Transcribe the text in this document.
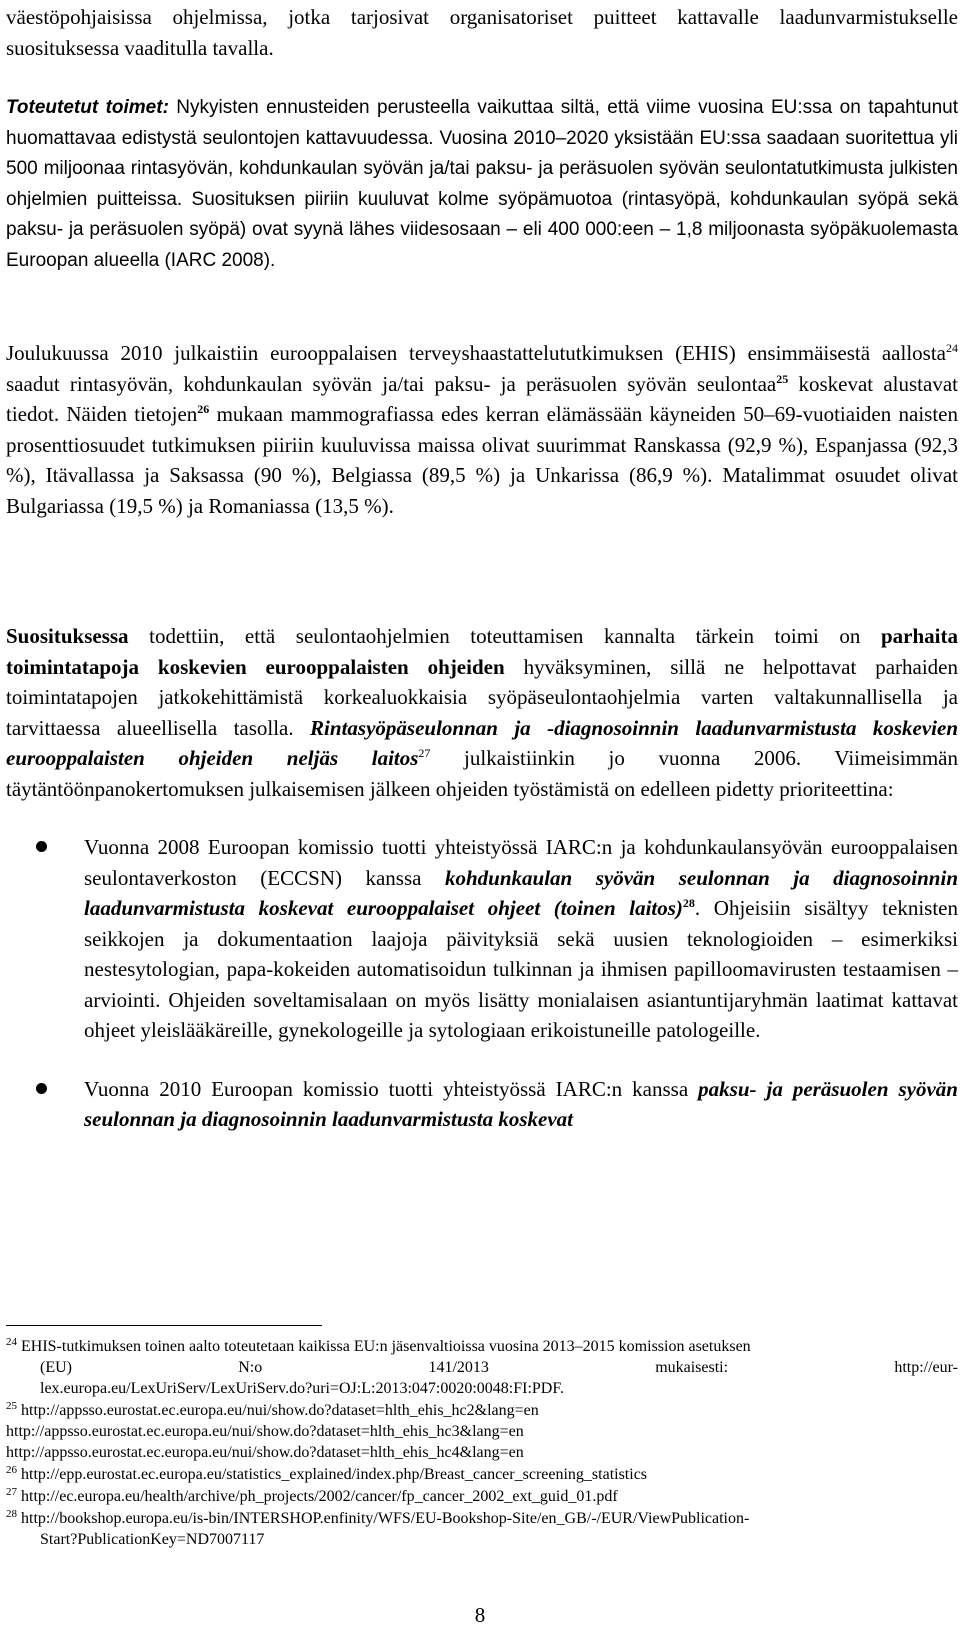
väestöpohjaisissa ohjelmissa, jotka tarjosivat organisatoriset puitteet kattavalle laadunvarmistukselle suosituksessa vaaditulla tavalla.

Toteutetut toimet: Nykyisten ennusteiden perusteella vaikuttaa siltä, että viime vuosina EU:ssa on tapahtunut huomattavaa edistystä seulontojen kattavuudessa. Vuosina 2010–2020 yksistään EU:ssa saadaan suoritettua yli 500 miljoonaa rintasyövän, kohdunkaulan syövän ja/tai paksu- ja peräsuolen syövän seulontatutkimusta julkisten ohjelmien puitteissa. Suosituksen piiriin kuuluvat kolme syöpämuotoa (rintasyöpä, kohdunkaulan syöpä sekä paksu- ja peräsuolen syöpä) ovat syynä lähes viidesosaan – eli 400 000:een – 1,8 miljoonasta syöpäkuolemasta Euroopan alueella (IARC 2008).

Joulukuussa 2010 julkaistiin eurooppalaisen terveyshaastattelututkimuksen (EHIS) ensimmäisestä aallosta$^{24}$ saadut rintasyövän, kohdunkaulan syövän ja/tai paksu- ja peräsuolen syövän seulontaa$^{25}$ koskevat alustavat tiedot. Näiden tietojen$^{26}$ mukaan mammografiassa edes kerran elämässään käyneiden 50–69-vuotiaiden naisten prosenttiosuudet tutkimuksen piiriin kuuluvissa maissa olivat suurimmat Ranskassa (92,9 %), Espanjassa (92,3 %), Itävallassa ja Saksassa (90 %), Belgiassa (89,5 %) ja Unkarissa (86,9 %). Matalimmat osuudet olivat Bulgariassa (19,5 %) ja Romaniassa (13,5 %).

Suosituksessa todettiin, että seulontaohjelmien toteuttamisen kannalta tärkein toimi on parhaita toimintatapoja koskevien eurooppalaisten ohjeiden hyväksyminen, sillä ne helpottavat parhaiden toimintatapojen jatkokehittämistä korkealuokkaisia syöpäseulontaohjelmia varten valtakunnallisella ja tarvittaessa alueellisella tasolla. Rintasyöpäseulonnan ja -diagnosoinnin laadunvarmistusta koskevien eurooppalaisten ohjeiden neljäs laitos$^{27}$ julkaistiinkin jo vuonna 2006. Viimeisimmän täytäntöönpanokertomuksen julkaisemisen jälkeen ohjeiden työstämistä on edelleen pidetty prioriteettina:

Vuonna 2008 Euroopan komissio tuotti yhteistyössä IARC:n ja kohdunkaulansyövän eurooppalaisen seulontaverkoston (ECCSN) kanssa kohdunkaulan syövän seulonnan ja diagnosoinnin laadunvarmistusta koskevat eurooppalaiset ohjeet (toinen laitos)$^{28}$. Ohjeisiin sisältyy teknisten seikkojen ja dokumentaation laajoja päivityksiä sekä uusien teknologioiden – esimerkiksi nestesytologian, papa-kokeiden automatisoidun tulkinnan ja ihmisen papilloomavirusten testaamisen – arviointi. Ohjeiden soveltamisalaan on myös lisätty monialaisen asiantuntijaryhmän laatimat kattavat ohjeet yleislääkäreille, gynekologeille ja sytologiaan erikoistuneille patologeille.
Vuonna 2010 Euroopan komissio tuotti yhteistyössä IARC:n kanssa paksu- ja peräsuolen syövän seulonnan ja diagnosoinnin laadunvarmistusta koskevat
$^{24}$ EHIS-tutkimuksen toinen aalto toteutetaan kaikissa EU:n jäsenvaltioissa vuosina 2013–2015 komission asetuksen
(EU)	N:o	141/2013	mukaisesti:	http://eur-
lex.europa.eu/LexUriServ/LexUriServ.do?uri=OJ:L:2013:047:0020:0048:FI:PDF.
$^{25}$ http://appsso.eurostat.ec.europa.eu/nui/show.do?dataset=hlth_ehis_hc2&lang=en
http://appsso.eurostat.ec.europa.eu/nui/show.do?dataset=hlth_ehis_hc3&lang=en
http://appsso.eurostat.ec.europa.eu/nui/show.do?dataset=hlth_ehis_hc4&lang=en
$^{26}$ http://epp.eurostat.ec.europa.eu/statistics_explained/index.php/Breast_cancer_screening_statistics
$^{27}$ http://ec.europa.eu/health/archive/ph_projects/2002/cancer/fp_cancer_2002_ext_guid_01.pdf
$^{28}$ http://bookshop.europa.eu/is-bin/INTERSHOP.enfinity/WFS/EU-Bookshop-Site/en_GB/-/EUR/ViewPublication-
Start?PublicationKey=ND7007117
8
